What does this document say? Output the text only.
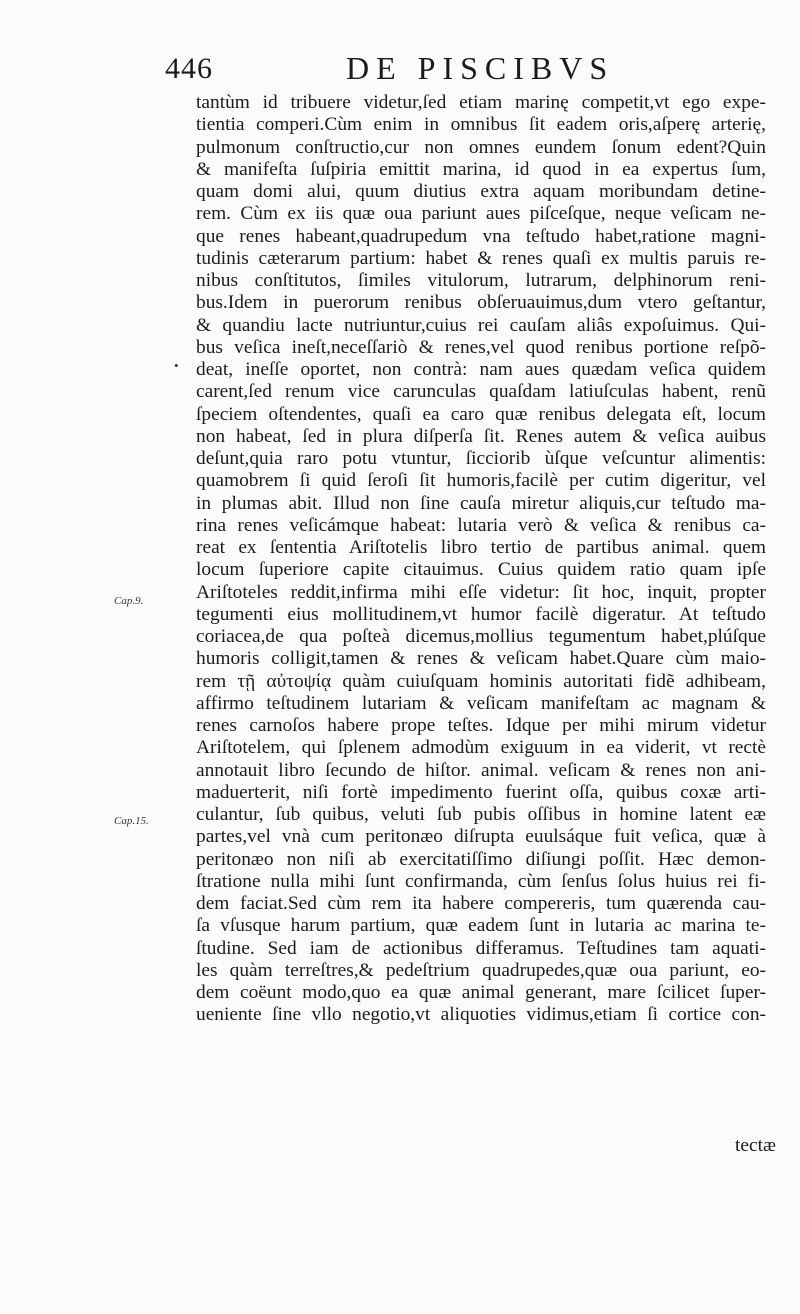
446	DE PISCIBVS
Cap.9.
Cap.15.
•
tantùm id tribuere videtur,ſed etiam marinę competit,vt ego expe-
tientia comperi.Cùm enim in omnibus ſit eadem oris,aſperę arterię,
pulmonum conſtructio,cur non omnes eundem ſonum edent?Quin
& manifeſta ſuſpiria emittit marina, id quod in ea expertus ſum,
quam domi alui, quum diutius extra aquam moribundam detine-
rem. Cùm ex iis quæ oua pariunt aues piſceſque, neque veſicam ne-
que renes habeant,quadrupedum vna teſtudo habet,ratione magni-
tudinis cæterarum partium: habet & renes quaſi ex multis paruis re-
nibus conſtitutos, ſimiles vitulorum, lutrarum, delphinorum reni-
bus.Idem in puerorum renibus obſeruauimus,dum vtero geſtantur,
& quandiu lacte nutriuntur,cuius rei cauſam aliâs expoſuimus. Qui-
bus veſica ineſt,neceſſariò & renes,vel quod renibus portione reſpõ-
deat, ineſſe oportet, non contrà: nam aues quædam veſica quidem
carent,ſed renum vice carunculas quaſdam latiuſculas habent, renũ
ſpeciem oſtendentes, quaſi ea caro quæ renibus delegata eſt, locum
non habeat, ſed in plura diſperſa ſit. Renes autem & veſica auibus
deſunt,quia raro potu vtuntur, ſicciorib ùſque veſcuntur alimentis:
quamobrem ſi quid ſeroſi ſit humoris,facilè per cutim digeritur, vel
in plumas abit. Illud non ſine cauſa miretur aliquis,cur teſtudo ma-
rina renes veſicámque habeat: lutaria verò & veſica & renibus ca-
reat ex ſententia Ariſtotelis libro tertio de partibus animal. quem
locum ſuperiore capite citauimus. Cuius quidem ratio quam ipſe
Ariſtoteles reddit,infirma mihi eſſe videtur: ſit hoc, inquit, propter
tegumenti eius mollitudinem,vt humor facilè digeratur. At teſtudo
coriacea,de qua poſteà dicemus,mollius tegumentum habet,plúſque
humoris colligit,tamen & renes & veſicam habet.Quare cùm maio-
rem τῇ αὐτοψίᾳ quàm cuiuſquam hominis autoritati fidẽ adhibeam,
affirmo teſtudinem lutariam & veſicam manifeſtam ac magnam &
renes carnoſos habere prope teſtes. Idque per mihi mirum videtur
Ariſtotelem, qui ſplenem admodùm exiguum in ea viderit, vt rectè
annotauit libro ſecundo de hiſtor. animal. veſicam & renes non ani-
maduerterit, niſi fortè impedimento fuerint oſſa, quibus coxæ arti-
culantur, ſub quibus, veluti ſub pubis oſſibus in homine latent eæ
partes,vel vnà cum peritonæo diſrupta euulsáque fuit veſica, quæ à
peritonæo non niſi ab exercitatiſſimo diſiungi poſſit. Hæc demon-
ſtratione nulla mihi ſunt confirmanda, cùm ſenſus ſolus huius rei fi-
dem faciat.Sed cùm rem ita habere compereris, tum quærenda cau-
ſa vſusque harum partium, quæ eadem ſunt in lutaria ac marina te-
ſtudine. Sed iam de actionibus differamus. Teſtudines tam aquati-
les quàm terreſtres,& pedeſtrium quadrupedes,quæ oua pariunt, eo-
dem coëunt modo,quo ea quæ animal generant, mare ſcilicet ſuper-
ueniente ſine vllo negotio,vt aliquoties vidimus,etiam ſi cortice con-
tectæ
